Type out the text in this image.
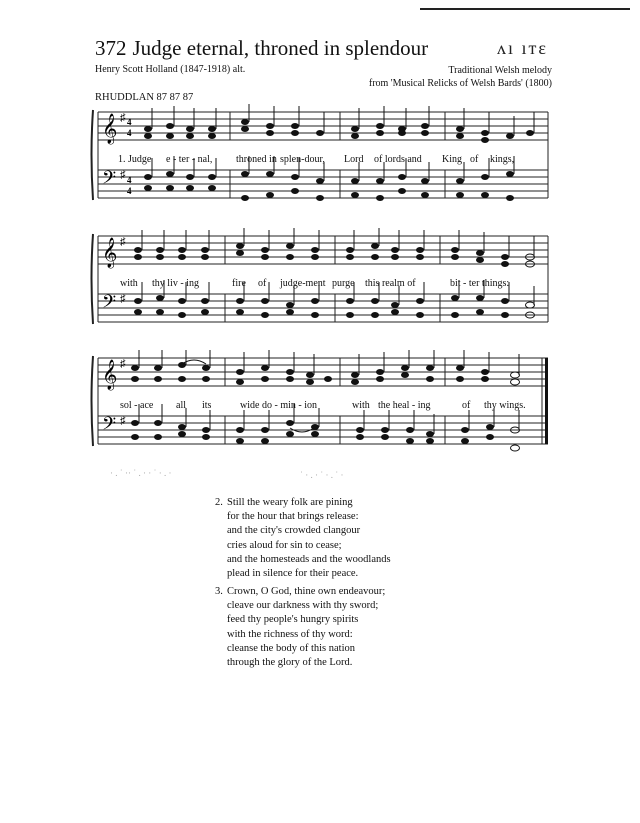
372 Judge eternal, throned in splendour	ᴧı ıᴛɛ
Henry Scott Holland (1847-1918) alt.	Traditional Welsh melody
from 'Musical Relicks of Welsh Bards' (1800)
RHUDDLAN 87 87 87
𝄞
𝄢
♯
♯
4
4
4
4
1. Judge e - ter - nal, throned in splen-dour, Lord of lords and King of kings,
𝄞
𝄢
♯
♯
with thy liv - ing	fire of judge-ment purge this realm of	bit - ter things:
𝄞
𝄢
♯
♯
sol - ace all its	wide do - min - ion	with the heal - ing	of thy wings.
· . ˙ ·· ˙ . · · ˙ · . ·	˙ · . · ˙ · . ˙ ·
2. Still the weary folk are pining
for the hour that brings release:
and the city's crowded clangour
cries aloud for sin to cease;
and the homesteads and the woodlands
plead in silence for their peace.
3. Crown, O God, thine own endeavour;
cleave our darkness with thy sword;
feed thy people's hungry spirits
with the richness of thy word:
cleanse the body of this nation
through the glory of the Lord.
